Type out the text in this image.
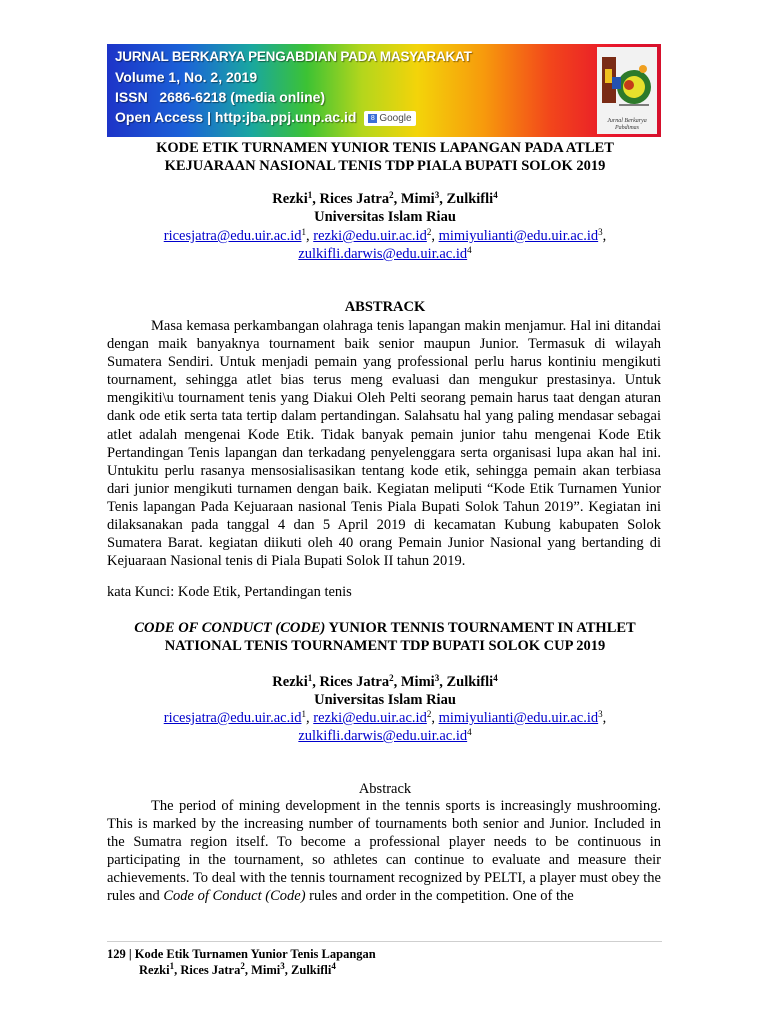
JURNAL BERKARYA PENGABDIAN PADA MASYARAKAT
Volume 1, No. 2, 2019
ISSN 2686-6218 (media online)
Open Access | http:jba.ppj.unp.ac.id 8 Google	Jurnal Berkarya Pabdimas
KODE ETIK TURNAMEN YUNIOR TENIS LAPANGAN PADA ATLET
KEJUARAAN NASIONAL TENIS TDP PIALA BUPATI SOLOK 2019
Rezki$^1$, Rices Jatra$^2$, Mimi$^3$, Zulkifli$^4$
Universitas Islam Riau
$ricesjatra@edu.uir.ac.id^1$, $rezki@edu.uir.ac.id^2$, $mimiyulianti@edu.uir.ac.id^3$,
$zulkifli.darwis@edu.uir.ac.id^4$
ABSTRACK
Masa kemasa perkambangan olahraga tenis lapangan makin menjamur. Hal ini ditandai dengan maik banyaknya tournament baik senior maupun Junior. Termasuk di wilayah Sumatera Sendiri. Untuk menjadi pemain yang professional perlu harus kontiniu mengikuti tournament, sehingga atlet bias terus meng evaluasi dan mengukur prestasinya. Untuk mengikiti\u tournament tenis yang Diakui Oleh Pelti seorang pemain harus taat dengan aturan dank ode etik serta tata tertip dalam pertandingan. Salahsatu hal yang paling mendasar sebagai atlet adalah mengenai Kode Etik. Tidak banyak pemain junior tahu mengenai Kode Etik Pertandingan Tenis lapangan dan terkadang penyelenggara serta organisasi lupa akan hal ini. Untukitu perlu rasanya mensosialisasikan tentang kode etik, sehingga pemain akan terbiasa dari junior mengikuti turnamen dengan baik. Kegiatan meliputi “Kode Etik Turnamen Yunior Tenis lapangan Pada Kejuaraan nasional Tenis Piala Bupati Solok Tahun 2019”. Kegiatan ini dilaksanakan pada tanggal 4 dan 5 April 2019 di kecamatan Kubung kabupaten Solok Sumatera Barat. kegiatan diikuti oleh 40 orang Pemain Junior Nasional yang bertanding di Kejuaraan Nasional tenis di Piala Bupati Solok II tahun 2019.
kata Kunci: Kode Etik, Pertandingan tenis
CODE OF CONDUCT (CODE) YUNIOR TENNIS TOURNAMENT IN ATHLET
NATIONAL TENIS TOURNAMENT TDP BUPATI SOLOK CUP 2019
Rezki$^1$, Rices Jatra$^2$, Mimi$^3$, Zulkifli$^4$
Universitas Islam Riau
$ricesjatra@edu.uir.ac.id^1$, $rezki@edu.uir.ac.id^2$, $mimiyulianti@edu.uir.ac.id^3$,
$zulkifli.darwis@edu.uir.ac.id^4$
Abstrack
The period of mining development in the tennis sports is increasingly mushrooming. This is marked by the increasing number of tournaments both senior and Junior. Included in the Sumatra region itself. To become a professional player needs to be continuous in participating in the tournament, so athletes can continue to evaluate and measure their achievements. To deal with the tennis tournament recognized by PELTI, a player must obey the rules and Code of Conduct (Code) rules and order in the competition. One of the
129 | Kode Etik Turnamen Yunior Tenis Lapangan
Rezki$^1$, Rices Jatra$^2$, Mimi$^3$, Zulkifli$^4$
